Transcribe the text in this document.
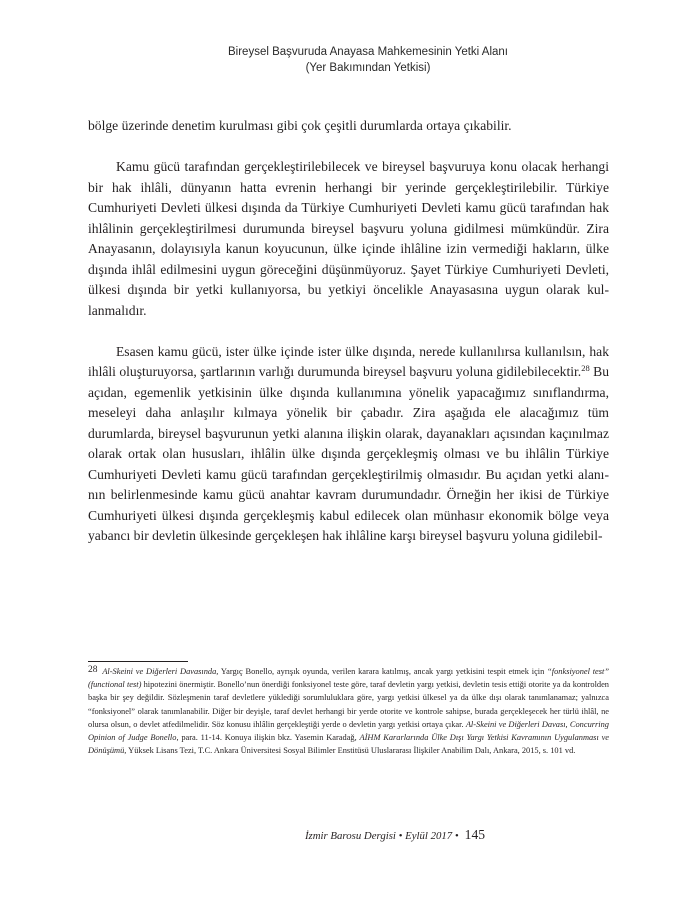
Bireysel Başvuruda Anayasa Mahkemesinin Yetki Alanı
(Yer Bakımından Yetkisi)

bölge üzerinde denetim kurulması gibi çok çeşitli durumlarda ortaya çıkabilir.

Kamu gücü tarafından gerçekleştirilebilecek ve bireysel başvuruya konu olacak herhangi bir hak ihlâli, dünyanın hatta evrenin herhangi bir yerinde gerçekleştirilebilir. Türkiye Cumhuriyeti Devleti ülkesi dışında da Türkiye Cumhuriyeti Devleti kamu gücü tarafından hak ihlâlinin gerçekleştirilmesi durumunda bireysel başvuru yoluna gidilmesi mümkündür. Zira Anayasanın, dolayısıyla kanun koyucunun, ülke içinde ihlâline izin vermediği hakların, ülke dışında ihlâl edilmesini uygun göreceğini düşünmüyoruz. Şayet Türkiye Cumhuriyeti Devleti, ülkesi dışında bir yetki kullanıyorsa, bu yetkiyi öncelikle Anayasasına uygun olarak kullanmalıdır.

Esasen kamu gücü, ister ülke içinde ister ülke dışında, nerede kullanılırsa kullanılsın, hak ihlâli oluşturuyorsa, şartlarının varlığı durumunda bireysel başvuru yoluna gidilebilecektir.$^{28}$ Bu açıdan, egemenlik yetkisinin ülke dışında kullanımına yönelik yapacağımız sınıflandırma, meseleyi daha anlaşılır kılmaya yönelik bir çabadır. Zira aşağıda ele alacağımız tüm durumlarda, bireysel başvurunun yetki alanına ilişkin olarak, dayanakları açısından kaçınılmaz olarak ortak olan hususları, ihlâlin ülke dışında gerçekleşmiş olması ve bu ihlâlin Türkiye Cumhuriyeti Devleti kamu gücü tarafından gerçekleştirilmiş olmasıdır. Bu açıdan yetki alanının belirlenmesinde kamu gücü anahtar kavram durumundadır. Örneğin her ikisi de Türkiye Cumhuriyeti ülkesi dışında gerçekleşmiş kabul edilecek olan münhasır ekonomik bölge veya yabancı bir devletin ülkesinde gerçekleşen hak ihlâline karşı bireysel başvuru yoluna gidilebil-

28 Al-Skeini ve Diğerleri Davasında, Yargıç Bonello, ayrışık oyunda, verilen karara katılmış, ancak yargı yetkisini tespit etmek için “fonksiyonel test” (functional test) hipotezini önermiştir. Bonello’nun önerdiği fonksiyonel teste göre, taraf devletin yargı yetkisi, devletin tesis ettiği otorite ya da kontrolden başka bir şey değildir. Sözleşmenin taraf devletlere yüklediği sorumluluklara göre, yargı yetkisi ülkesel ya da ülke dışı olarak tanımlanamaz; yalnızca “fonksiyonel” olarak tanımlanabilir. Diğer bir deyişle, taraf devlet herhangi bir yerde otorite ve kontrole sahipse, burada gerçekleşecek her türlü ihlâl, ne olursa olsun, o devlet atfedilmelidir. Söz konusu ihlâlin gerçekleştiği yerde o devletin yargı yetkisi ortaya çıkar. Al-Skeini ve Diğerleri Davası, Concurring Opinion of Judge Bonello, para. 11-14. Konuya ilişkin bkz. Yasemin Karadağ, AİHM Kararlarında Ülke Dışı Yargı Yetkisi Kavramının Uygulanması ve Dönüşümü, Yüksek Lisans Tezi, T.C. Ankara Üniversitesi Sosyal Bilimler Enstitüsü Uluslararası İlişkiler Anabilim Dalı, Ankara, 2015, s. 101 vd.
İzmir Barosu Dergisi • Eylül 2017 • 145
